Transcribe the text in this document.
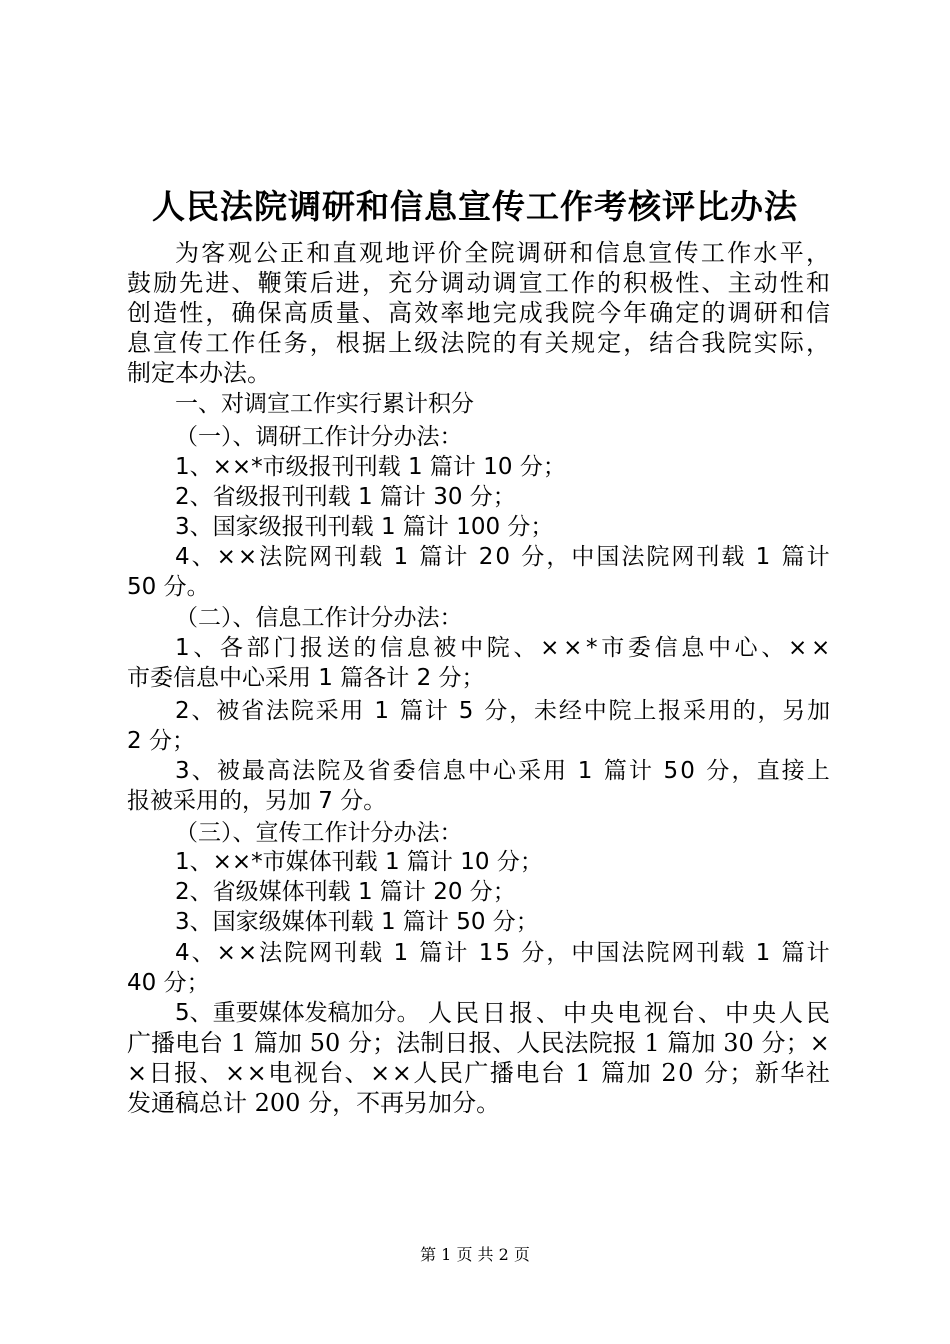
人民法院调研和信息宣传工作考核评比办法
为客观公正和直观地评价全院调研和信息宣传工作水平，
鼓励先进、鞭策后进，充分调动调宣工作的积极性、主动性和
创造性，确保高质量、高效率地完成我院今年确定的调研和信
息宣传工作任务，根据上级法院的有关规定，结合我院实际，
制定本办法。
一、对调宣工作实行累计积分
（一）、调研工作计分办法：
1、××*市级报刊刊载 1 篇计 10 分；
2、省级报刊刊载 1 篇计 30 分；
3、国家级报刊刊载 1 篇计 100 分；
4、××法院网刊载 1 篇计 20 分，中国法院网刊载 1 篇计
50 分。
（二）、信息工作计分办法：
1、各部门报送的信息被中院、××*市委信息中心、××
市委信息中心采用 1 篇各计 2 分；
2、被省法院采用 1 篇计 5 分，未经中院上报采用的，另加
2 分；
3、被最高法院及省委信息中心采用 1 篇计 50 分，直接上
报被采用的，另加 7 分。
（三）、宣传工作计分办法：
1、××*市媒体刊载 1 篇计 10 分；
2、省级媒体刊载 1 篇计 20 分；
3、国家级媒体刊载 1 篇计 50 分；
4、××法院网刊载 1 篇计 15 分，中国法院网刊载 1 篇计
40 分；
5、重要媒体发稿加分。 人民日报、中央电视台、中央人民
广播电台 1 篇加 50 分；法制日报、人民法院报 1 篇加 30 分；×
×日报、××电视台、××人民广播电台 1 篇加 20 分；新华社
发通稿总计 200 分，不再另加分。
第 1 页 共 2 页
